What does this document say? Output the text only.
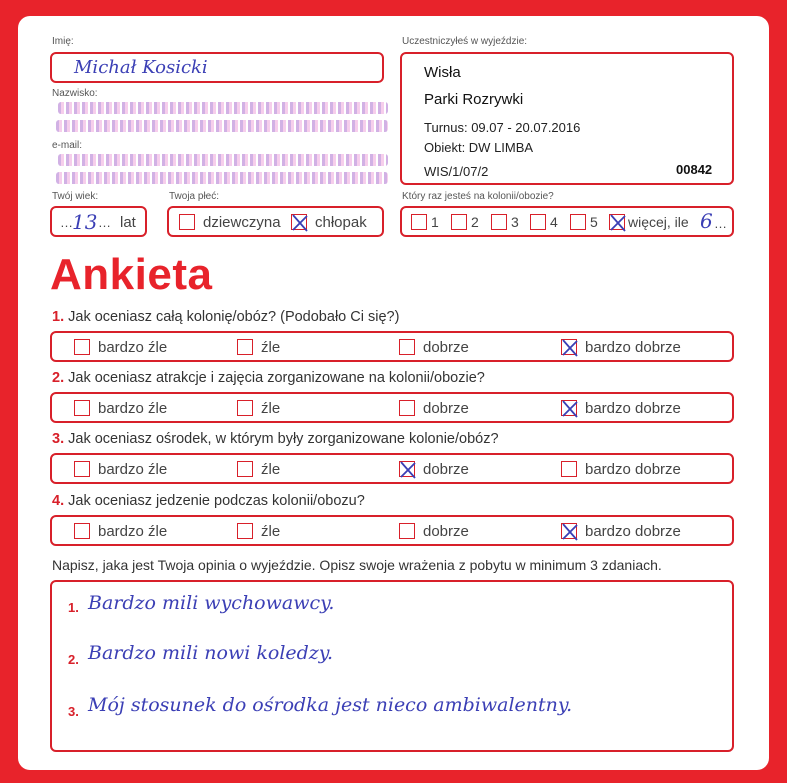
Imię:
Michał Kosicki
Nazwisko:
e-mail:
Twój wiek:
… 13 … lat
Twoja płeć:
dziewczyna chłopak
Uczestniczyłeś w wyjeździe:
Wisła
Parki Rozrywki
Turnus: 09.07 - 20.07.2016
Obiekt: DW LIMBA
WIS/1/07/2	00842
Który raz jesteś na kolonii/obozie?
1 2 3 4 5 więcej, ile 6 …
Ankieta
1. Jak oceniasz całą kolonię/obóz? (Podobało Ci się?)
bardzo źle	źle	dobrze	bardzo dobrze
2. Jak oceniasz atrakcje i zajęcia zorganizowane na kolonii/obozie?
bardzo źle	źle	dobrze	bardzo dobrze
3. Jak oceniasz ośrodek, w którym były zorganizowane kolonie/obóz?
bardzo źle	źle	dobrze	bardzo dobrze
4. Jak oceniasz jedzenie podczas kolonii/obozu?
bardzo źle	źle	dobrze	bardzo dobrze
Napisz, jaka jest Twoja opinia o wyjeździe. Opisz swoje wrażenia z pobytu w minimum 3 zdaniach.
1. Bardzo mili wychowawcy.
2. Bardzo mili nowi koledzy.
3. Mój stosunek do ośrodka jest nieco ambiwalentny.
